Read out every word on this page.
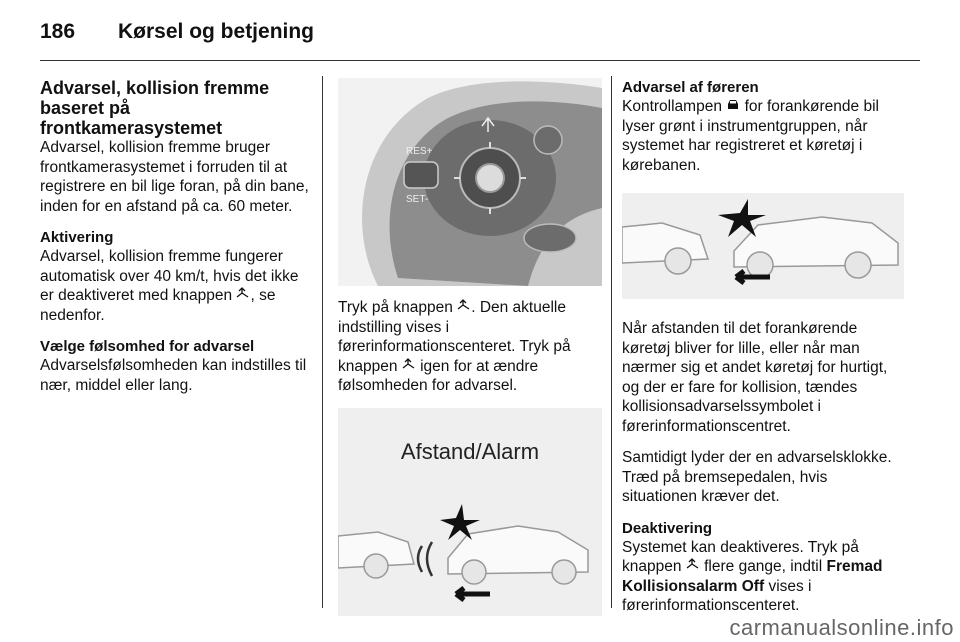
186 Kørsel og betjening
Advarsel, kollision fremme baseret på frontkamerasystemet

Advarsel, kollision fremme bruger frontkamerasystemet i forruden til at registrere en bil lige foran, på din bane, inden for en afstand på ca. 60 meter.

Aktivering

Advarsel, kollision fremme fungerer automatisk over 40 km/t, hvis det ikke er deaktiveret med knappen , se nedenfor.

Vælge følsomhed for advarsel

Advarselsfølsomheden kan indstilles til nær, middel eller lang.

RES+
SET-

Tryk på knappen . Den aktuelle indstilling vises i førerinformationscenteret. Tryk på knappen igen for at ændre følsomheden for advarsel.

Afstand/Alarm
Advarsel af føreren

Kontrollampen for forankørende bil lyser grønt i instrumentgruppen, når systemet har registreret et køretøj i kørebanen.

Når afstanden til det forankørende køretøj bliver for lille, eller når man nærmer sig et andet køretøj for hurtigt, og der er fare for kollision, tændes kollisionsadvarselssymbolet i førerinformationscentret.

Samtidigt lyder der en advarselsklokke. Træd på bremsepedalen, hvis situationen kræver det.

Deaktivering

Systemet kan deaktiveres. Tryk på knappen flere gange, indtil Fremad Kollisionsalarm Off vises i førerinformationscenteret.

carmanualsonline.info
